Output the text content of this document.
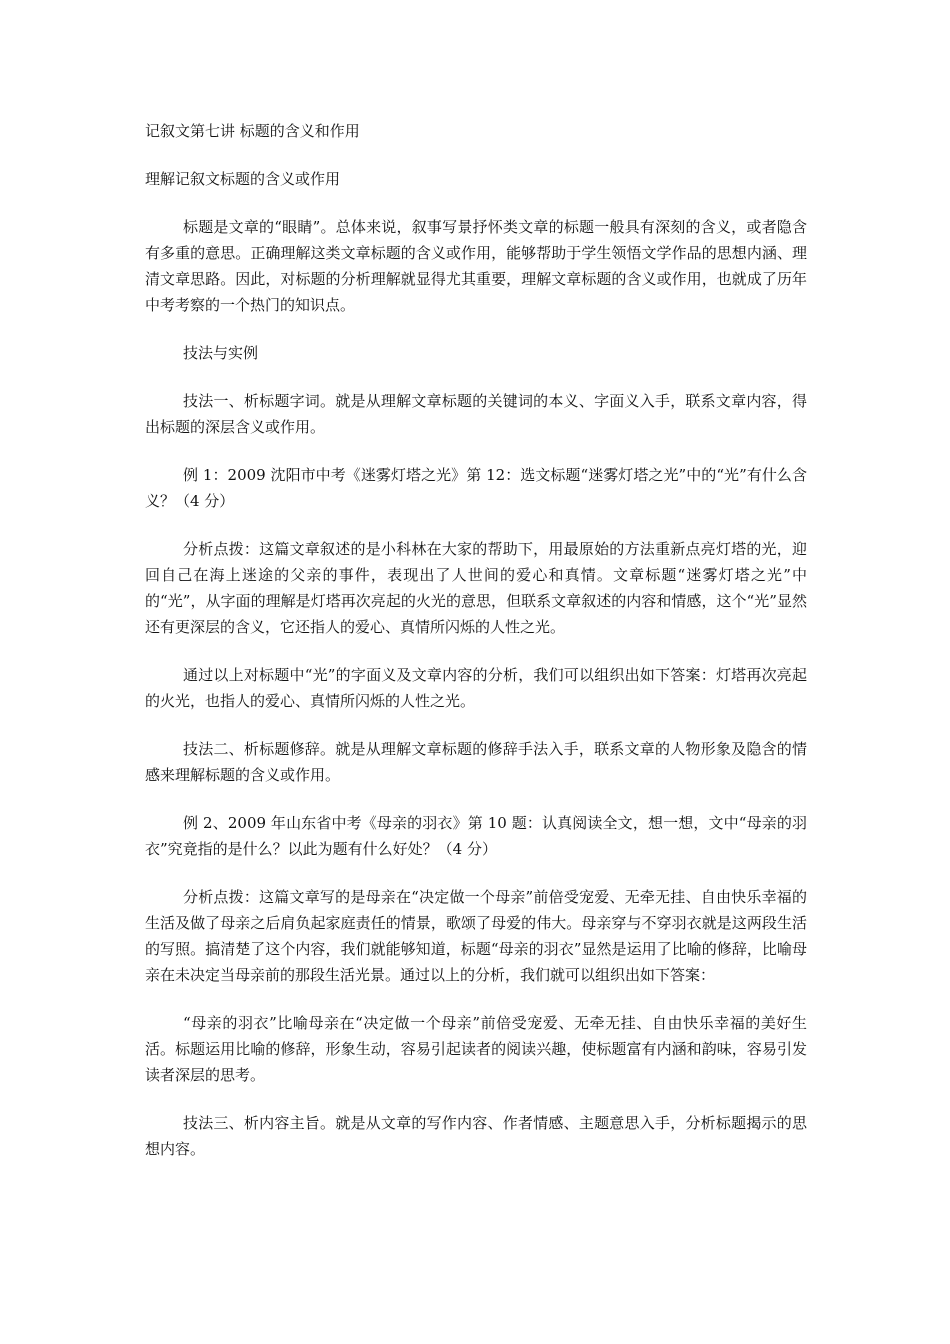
记叙文第七讲 标题的含义和作用

理解记叙文标题的含义或作用

标题是文章的“眼睛”。总体来说，叙事写景抒怀类文章的标题一般具有深刻的含义，或者隐含有多重的意思。正确理解这类文章标题的含义或作用，能够帮助于学生领悟文学作品的思想内涵、理清文章思路。因此，对标题的分析理解就显得尤其重要，理解文章标题的含义或作用，也就成了历年中考考察的一个热门的知识点。

技法与实例

技法一、析标题字词。就是从理解文章标题的关键词的本义、字面义入手，联系文章内容，得出标题的深层含义或作用。

例 1：2009 沈阳市中考《迷雾灯塔之光》第 12：选文标题“迷雾灯塔之光”中的“光”有什么含义？（4 分）

分析点拨：这篇文章叙述的是小科林在大家的帮助下，用最原始的方法重新点亮灯塔的光，迎回自己在海上迷途的父亲的事件，表现出了人世间的爱心和真情。文章标题“迷雾灯塔之光”中的“光”，从字面的理解是灯塔再次亮起的火光的意思，但联系文章叙述的内容和情感，这个“光”显然还有更深层的含义，它还指人的爱心、真情所闪烁的人性之光。

通过以上对标题中“光”的字面义及文章内容的分析，我们可以组织出如下答案：灯塔再次亮起的火光，也指人的爱心、真情所闪烁的人性之光。

技法二、析标题修辞。就是从理解文章标题的修辞手法入手，联系文章的人物形象及隐含的情感来理解标题的含义或作用。

例 2、2009 年山东省中考《母亲的羽衣》第 10 题：认真阅读全文，想一想，文中“母亲的羽衣”究竟指的是什么？以此为题有什么好处？（4 分）

分析点拨：这篇文章写的是母亲在“决定做一个母亲”前倍受宠爱、无牵无挂、自由快乐幸福的生活及做了母亲之后肩负起家庭责任的情景，歌颂了母爱的伟大。母亲穿与不穿羽衣就是这两段生活的写照。搞清楚了这个内容，我们就能够知道，标题“母亲的羽衣”显然是运用了比喻的修辞，比喻母亲在未决定当母亲前的那段生活光景。通过以上的分析，我们就可以组织出如下答案：

“母亲的羽衣”比喻母亲在“决定做一个母亲”前倍受宠爱、无牵无挂、自由快乐幸福的美好生活。标题运用比喻的修辞，形象生动，容易引起读者的阅读兴趣，使标题富有内涵和韵味，容易引发读者深层的思考。

技法三、析内容主旨。就是从文章的写作内容、作者情感、主题意思入手，分析标题揭示的思想内容。
